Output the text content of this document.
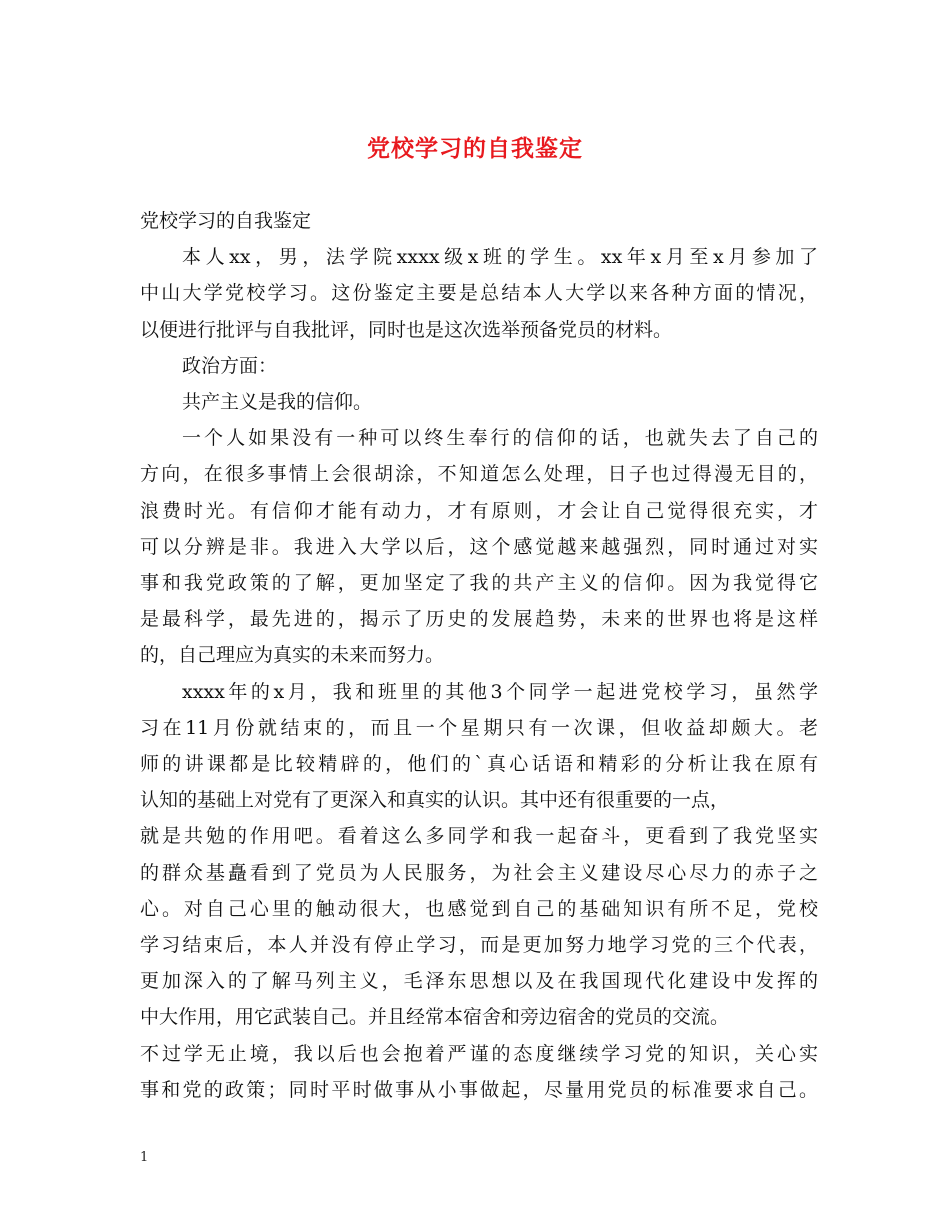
党校学习的自我鉴定
党校学习的自我鉴定
本人xx，男，法学院xxxx级x班的学生。xx年x月至x月参加了
中山大学党校学习。这份鉴定主要是总结本人大学以来各种方面的情况，
以便进行批评与自我批评，同时也是这次选举预备党员的材料。
政治方面：
共产主义是我的信仰。
一个人如果没有一种可以终生奉行的信仰的话，也就失去了自己的
方向，在很多事情上会很胡涂，不知道怎么处理，日子也过得漫无目的，
浪费时光。有信仰才能有动力，才有原则，才会让自己觉得很充实，才
可以分辨是非。我进入大学以后，这个感觉越来越强烈，同时通过对实
事和我党政策的了解，更加坚定了我的共产主义的信仰。因为我觉得它
是最科学，最先进的，揭示了历史的发展趋势，未来的世界也将是这样
的，自己理应为真实的未来而努力。
xxxx年的x月，我和班里的其他3个同学一起进党校学习，虽然学
习在11月份就结束的，而且一个星期只有一次课，但收益却颇大。老
师的讲课都是比较精辟的，他们的`真心话语和精彩的分析让我在原有
认知的基础上对党有了更深入和真实的认识。其中还有很重要的一点，
就是共勉的作用吧。看着这么多同学和我一起奋斗，更看到了我党坚实
的群众基矗看到了党员为人民服务，为社会主义建设尽心尽力的赤子之
心。对自己心里的触动很大，也感觉到自己的基础知识有所不足，党校
学习结束后，本人并没有停止学习，而是更加努力地学习党的三个代表，
更加深入的了解马列主义，毛泽东思想以及在我国现代化建设中发挥的
中大作用，用它武装自己。并且经常本宿舍和旁边宿舍的党员的交流。
不过学无止境，我以后也会抱着严谨的态度继续学习党的知识，关心实
事和党的政策；同时平时做事从小事做起，尽量用党员的标准要求自己。
1
